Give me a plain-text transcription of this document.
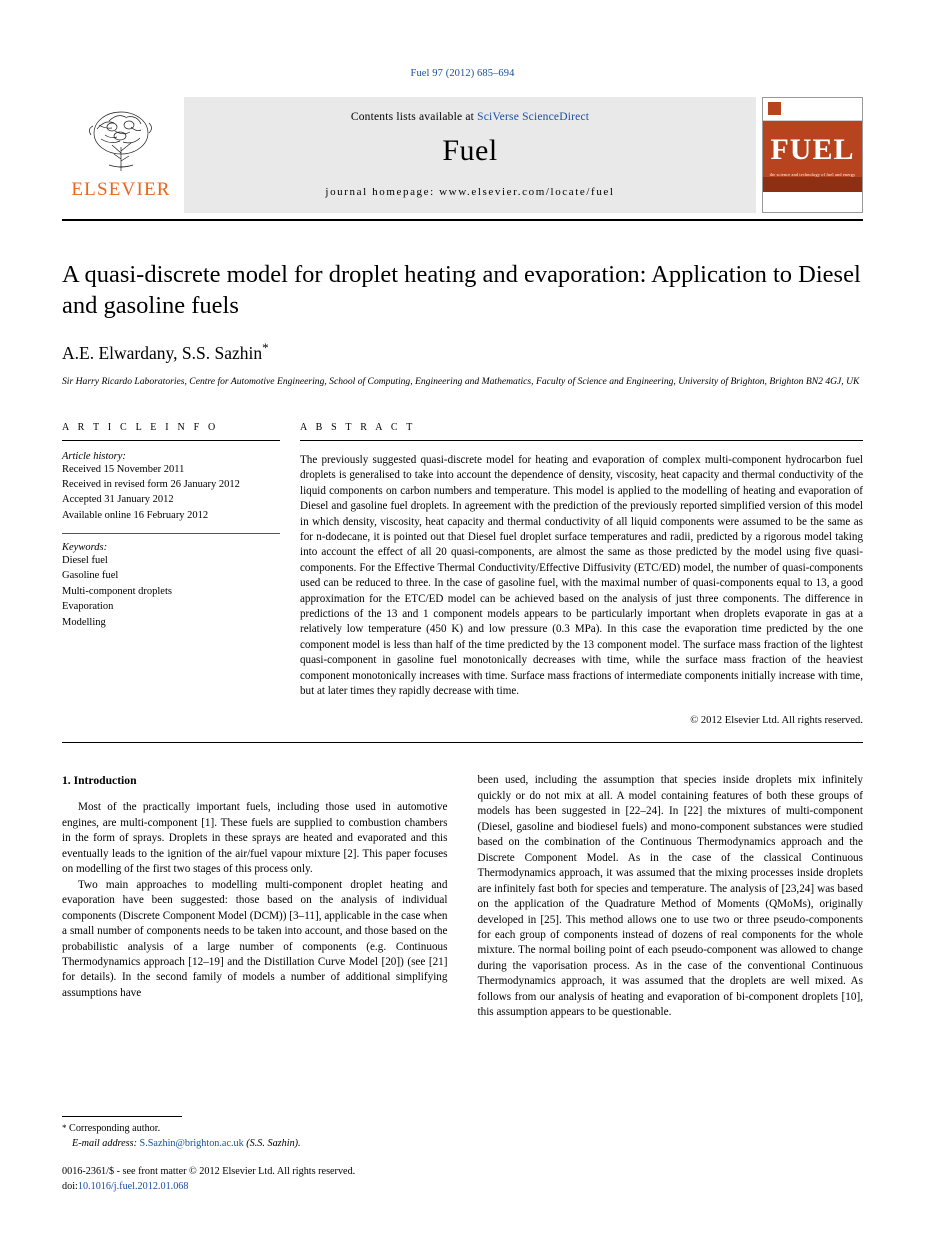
Fuel 97 (2012) 685–694
ELSEVIER
Contents lists available at SciVerse ScienceDirect
Fuel
journal homepage: www.elsevier.com/locate/fuel
FUEL
the science and technology of fuel and energy
A quasi-discrete model for droplet heating and evaporation: Application to Diesel and gasoline fuels
A.E. Elwardany, S.S. Sazhin*
Sir Harry Ricardo Laboratories, Centre for Automotive Engineering, School of Computing, Engineering and Mathematics, Faculty of Science and Engineering, University of Brighton, Brighton BN2 4GJ, UK
A R T I C L E I N F O
Article history:
Received 15 November 2011
Received in revised form 26 January 2012
Accepted 31 January 2012
Available online 16 February 2012
Keywords:
Diesel fuel
Gasoline fuel
Multi-component droplets
Evaporation
Modelling
A B S T R A C T
The previously suggested quasi-discrete model for heating and evaporation of complex multi-component hydrocarbon fuel droplets is generalised to take into account the dependence of density, viscosity, heat capacity and thermal conductivity of the liquid components on carbon numbers and temperature. This model is applied to the modelling of heating and evaporation of Diesel and gasoline fuel droplets. In agreement with the prediction of the previously reported simplified version of this model in which density, viscosity, heat capacity and thermal conductivity of all liquid components were assumed to be the same as for n-dodecane, it is pointed out that Diesel fuel droplet surface temperatures and radii, predicted by a rigorous model taking into account the effect of all 20 quasi-components, are almost the same as those predicted by the model using five quasi-components. For the Effective Thermal Conductivity/Effective Diffusivity (ETC/ED) model, the number of quasi-components used can be reduced to three. In the case of gasoline fuel, with the maximal number of quasi-components equal to 13, a good approximation for the ETC/ED model can be achieved based on the analysis of just three components. The difference in predictions of the 13 and 1 component models appears to be particularly important when droplets evaporate in gas at a relatively low temperature (450 K) and low pressure (0.3 MPa). In this case the evaporation time predicted by the one component model is less than half of the time predicted by the 13 component model. The surface mass fraction of the lightest quasi-component in gasoline fuel monotonically decreases with time, while the surface mass fraction of the heaviest component monotonically increases with time. Surface mass fractions of intermediate components initially increase with time, but at later times they rapidly decrease with time.
© 2012 Elsevier Ltd. All rights reserved.
1. Introduction

Most of the practically important fuels, including those used in automotive engines, are multi-component [1]. These fuels are supplied to combustion chambers in the form of sprays. Droplets in these sprays are heated and evaporated and this eventually leads to the ignition of the air/fuel vapour mixture [2]. This paper focuses on modelling of the first two stages of this process only.

Two main approaches to modelling multi-component droplet heating and evaporation have been suggested: those based on the analysis of individual components (Discrete Component Model (DCM)) [3–11], applicable in the case when a small number of components needs to be taken into account, and those based on the probabilistic analysis of a large number of components (e.g. Continuous Thermodynamics approach [12–19] and the Distillation Curve Model [20]) (see [21] for details). In the second family of models a number of additional simplifying assumptions have

been used, including the assumption that species inside droplets mix infinitely quickly or do not mix at all. A model containing features of both these groups of models has been suggested in [22–24]. In [22] the mixtures of multi-component (Diesel, gasoline and biodiesel fuels) and mono-component substances were studied based on the combination of the Continuous Thermodynamics approach and the Discrete Component Model. As in the case of the classical Continuous Thermodynamics approach, it was assumed that the mixing processes inside droplets are infinitely fast both for species and temperature. The analysis of [23,24] was based on the application of the Quadrature Method of Moments (QMoMs), originally developed in [25]. This method allows one to use two or three pseudo-components for each group of components instead of dozens of real components for the whole mixture. The normal boiling point of each pseudo-component was allowed to change during the vaporisation process. As in the case of the conventional Continuous Thermodynamics approach, it was assumed that the droplets are well mixed. As follows from our analysis of heating and evaporation of bi-component droplets [10], this assumption appears to be questionable.

* Corresponding author.
E-mail address: S.Sazhin@brighton.ac.uk (S.S. Sazhin).
0016-2361/$ - see front matter © 2012 Elsevier Ltd. All rights reserved.
doi:10.1016/j.fuel.2012.01.068
